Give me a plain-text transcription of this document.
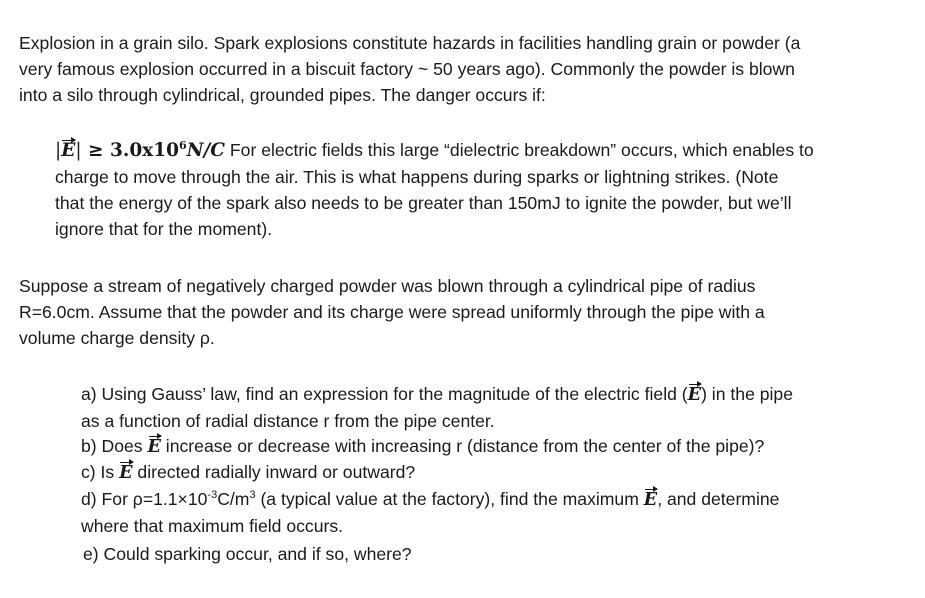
Explosion in a grain silo. Spark explosions constitute hazards in facilities handling grain or powder (a
very famous explosion occurred in a biscuit factory ~ 50 years ago). Commonly the powder is blown
into a silo through cylindrical, grounded pipes. The danger occurs if:

$|E| \ge 3.0x10^6N/C$ For electric fields this large “dielectric breakdown” occurs, which enables to
charge to move through the air. This is what happens during sparks or lightning strikes. (Note
that the energy of the spark also needs to be greater than 150mJ to ignite the powder, but we’ll
ignore that for the moment).

Suppose a stream of negatively charged powder was blown through a cylindrical pipe of radius
R=6.0cm. Assume that the powder and its charge were spread uniformly through the pipe with a
volume charge density ρ.

a) Using Gauss’ law, find an expression for the magnitude of the electric field (E) in the pipe
as a function of radial distance r from the pipe center.

b) Does E increase or decrease with increasing r (distance from the center of the pipe)?

c) Is E directed radially inward or outward?

d) For $\rho=1.1\times 10^{-3}C/m^3$ (a typical value at the factory), find the maximum E, and determine
where that maximum field occurs.

e) Could sparking occur, and if so, where?
